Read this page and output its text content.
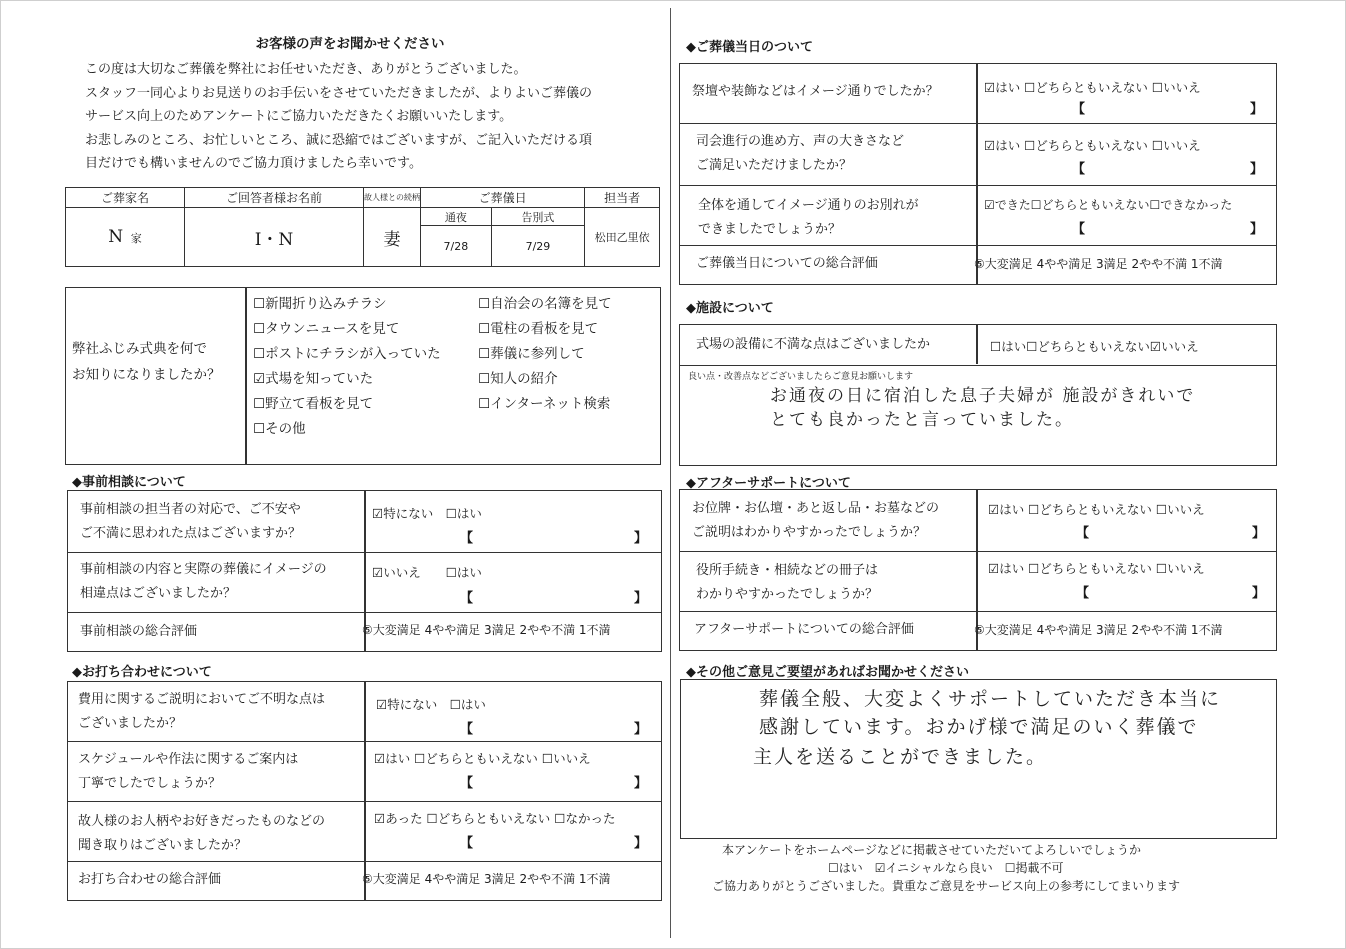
お客様の声をお聞かせください
この度は大切なご葬儀を弊社にお任せいただき、ありがとうございました。
スタッフ一同心よりお見送りのお手伝いをさせていただきましたが、よりよいご葬儀の
サービス向上のためアンケートにご協力いただきたくお願いいたします。
お悲しみのところ、お忙しいところ、誠に恐縮ではございますが、ご記入いただける項
目だけでも構いませんのでご協力頂けましたら幸いです。
ご葬家名	ご回答者様お名前	故人様との続柄	ご葬儀日		担当者
N 家	I・N	妻	通夜	告別式	松田乙里依
			7/28	7/29	
弊社ふじみ式典を何で
お知りになりましたか？
☐新聞折り込みチラシ
☐タウンニュースを見て
☐ポストにチラシが入っていた
☑式場を知っていた
☐野立て看板を見て
☐その他
☐自治会の名簿を見て
☐電柱の看板を見て
☐葬儀に参列して
☐知人の紹介
☐インターネット検索
◆事前相談について
事前相談の担当者の対応で、ご不安や
ご不満に思われた点はございますか？
☑特にない　☐はい
【	】
事前相談の内容と実際の葬儀にイメージの
相違点はございましたか？
☑いいえ　　☐はい
【	】
事前相談の総合評価	⑤大変満足 4やや満足 3満足 2やや不満 1不満
◆お打ち合わせについて
費用に関するご説明においてご不明な点は
ございましたか？
☑特にない　☐はい
【	】
スケジュールや作法に関するご案内は
丁寧でしたでしょうか？
☑はい ☐どちらともいえない ☐いいえ
【	】
故人様のお人柄やお好きだったものなどの
聞き取りはございましたか？
☑あった ☐どちらともいえない ☐なかった
【	】
お打ち合わせの総合評価	⑤大変満足 4やや満足 3満足 2やや不満 1不満
◆ご葬儀当日のついて
祭壇や装飾などはイメージ通りでしたか？	☑はい ☐どちらともいえない ☐いいえ
【	】
司会進行の進め方、声の大きさなど
ご満足いただけましたか？
☑はい ☐どちらともいえない ☐いいえ
【	】
全体を通してイメージ通りのお別れが
できましたでしょうか？
☑できた☐どちらともいえない☐できなかった
【	】
ご葬儀当日についての総合評価	⑤大変満足 4やや満足 3満足 2やや不満 1不満
◆施設について
式場の設備に不満な点はございましたか	☐はい☐どちらともいえない☑いいえ
良い点・改善点などございましたらご意見お願いします
お通夜の日に宿泊した息子夫婦が 施設がきれいで
とても良かったと言っていました。
◆アフターサポートについて
お位牌・お仏壇・あと返し品・お墓などの
ご説明はわかりやすかったでしょうか？
☑はい ☐どちらともいえない ☐いいえ
【	】
役所手続き・相続などの冊子は
わかりやすかったでしょうか？
☑はい ☐どちらともいえない ☐いいえ
【	】
アフターサポートについての総合評価	⑤大変満足 4やや満足 3満足 2やや不満 1不満
◆その他ご意見ご要望があればお聞かせください
葬儀全般、大変よくサポートしていただき本当に
感謝しています。おかげ様で満足のいく葬儀で
主人を送ることができました。
本アンケートをホームページなどに掲載させていただいてよろしいでしょうか
☐はい　☑イニシャルなら良い　☐掲載不可
ご協力ありがとうございました。貴重なご意見をサービス向上の参考にしてまいります
